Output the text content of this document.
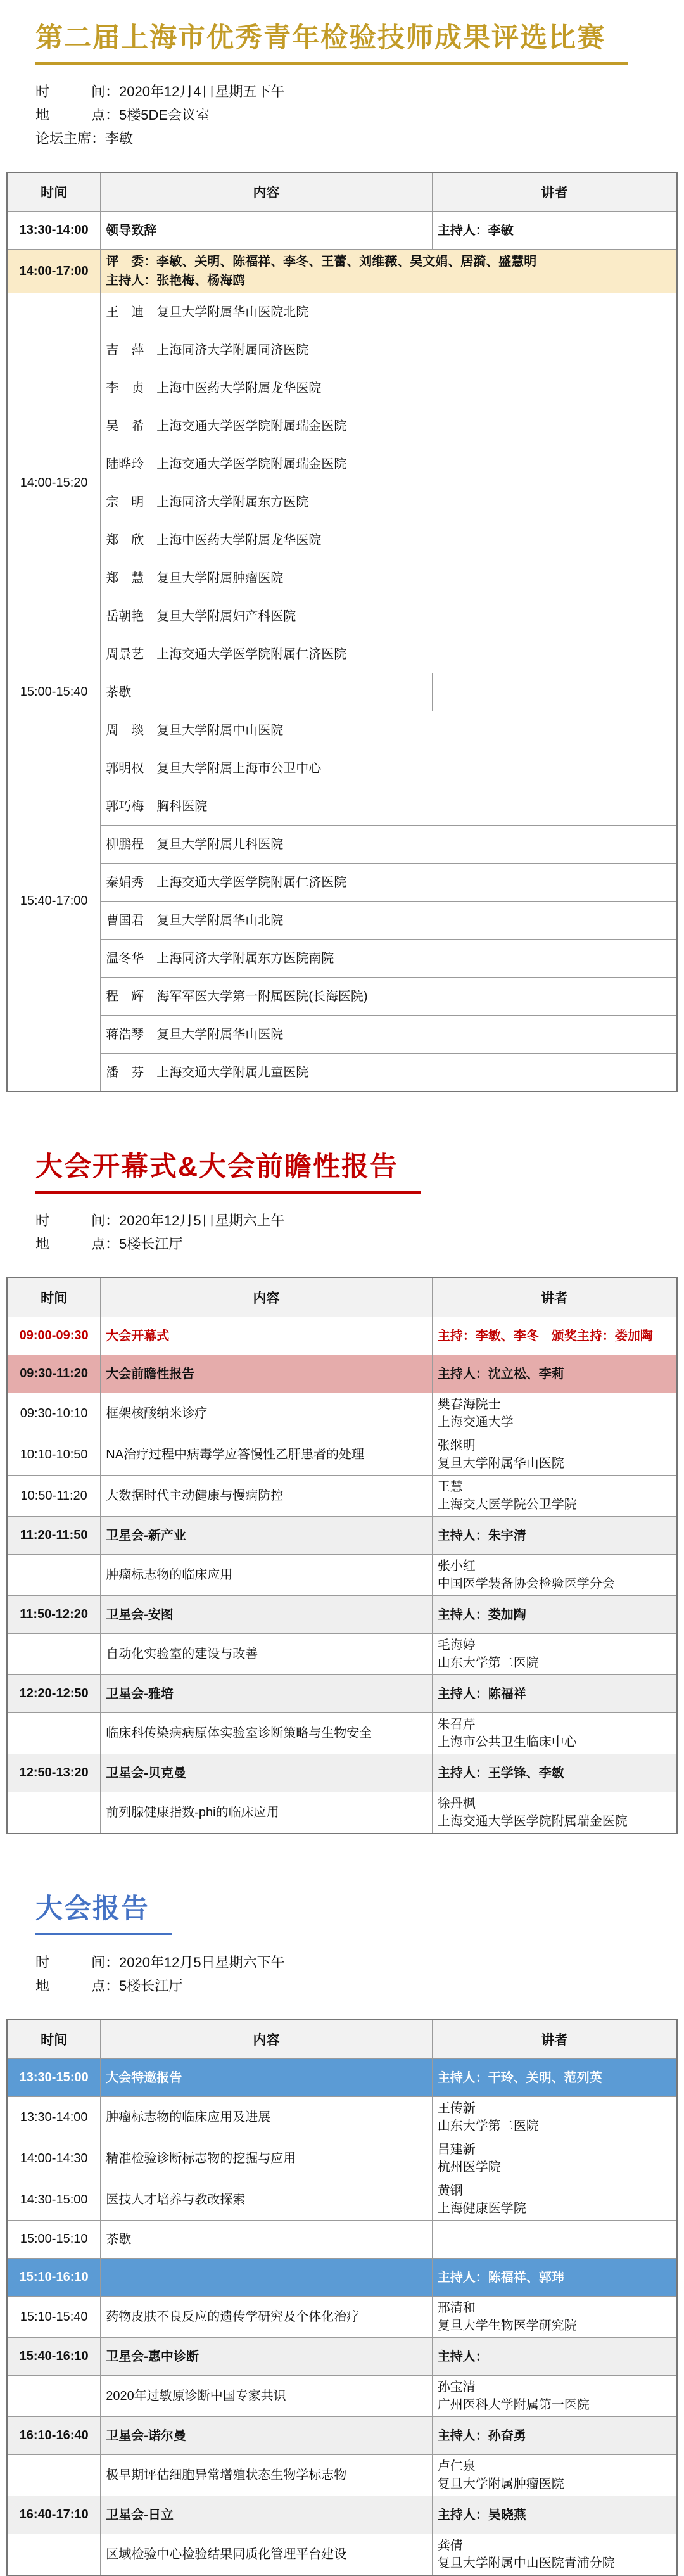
第二届上海市优秀青年检验技师成果评选比赛
时　　　间：2020年12月4日星期五下午
地　　　点：5楼5DE会议室
论坛主席：李敏
时间	内容	讲者
13:30-14:00	领导致辞	主持人：李敏

14:00-17:00	评　委：李敏、关明、陈福祥、李冬、王蕾、刘维薇、吴文娟、居漪、盛慧明
主持人：张艳梅、杨海鸥	

14:00-15:20	王　迪　复旦大学附属华山医院北院	

	吉　萍　上海同济大学附属同济医院	

	李　贞　上海中医药大学附属龙华医院	

	吴　希　上海交通大学医学院附属瑞金医院	

	陆晔玲　上海交通大学医学院附属瑞金医院	

	宗　明　上海同济大学附属东方医院	

	郑　欣　上海中医药大学附属龙华医院	

	郑　慧　复旦大学附属肿瘤医院	

	岳朝艳　复旦大学附属妇产科医院	

	周景艺　上海交通大学医学院附属仁济医院	

15:00-15:40	茶歇	

15:40-17:00	周　琰　复旦大学附属中山医院	

	郭明权　复旦大学附属上海市公卫中心	

	郭巧梅　胸科医院	

	柳鹏程　复旦大学附属儿科医院	

	秦娟秀　上海交通大学医学院附属仁济医院	

	曹国君　复旦大学附属华山北院	

	温冬华　上海同济大学附属东方医院南院	

	程　辉　海军军医大学第一附属医院(长海医院)	

	蒋浩琴　复旦大学附属华山医院	

	潘　芬　上海交通大学附属儿童医院	
大会开幕式&大会前瞻性报告
时　　　间：2020年12月5日星期六上午
地　　　点：5楼长江厅
时间	内容	讲者
09:00-09:30	大会开幕式	主持：李敏、李冬　颁奖主持：娄加陶

09:30-11:20	大会前瞻性报告	主持人：沈立松、李莉

09:30-10:10	框架核酸纳米诊疗	樊春海院士
上海交通大学

10:10-10:50	NA治疗过程中病毒学应答慢性乙肝患者的处理	张继明
复旦大学附属华山医院

10:50-11:20	大数据时代主动健康与慢病防控	王慧
上海交大医学院公卫学院

11:20-11:50	卫星会-新产业	主持人：朱宇清

	肿瘤标志物的临床应用	张小红
中国医学装备协会检验医学分会

11:50-12:20	卫星会-安图	主持人：娄加陶

	自动化实验室的建设与改善	毛海婷
山东大学第二医院

12:20-12:50	卫星会-雅培	主持人：陈福祥

	临床科传染病病原体实验室诊断策略与生物安全	朱召芹
上海市公共卫生临床中心

12:50-13:20	卫星会-贝克曼	主持人：王学锋、李敏

	前列腺健康指数-phi的临床应用	徐丹枫
上海交通大学医学院附属瑞金医院
大会报告
时　　　间：2020年12月5日星期六下午
地　　　点：5楼长江厅
时间	内容	讲者
13:30-15:00	大会特邀报告	主持人：干玲、关明、范列英

13:30-14:00	肿瘤标志物的临床应用及进展	王传新
山东大学第二医院

14:00-14:30	精准检验诊断标志物的挖掘与应用	吕建新
杭州医学院

14:30-15:00	医技人才培养与教改探索	黄钢
上海健康医学院

15:00-15:10	茶歇	

15:10-16:10		主持人：陈福祥、郭玮

15:10-15:40	药物皮肤不良反应的遗传学研究及个体化治疗	邢清和
复旦大学生物医学研究院

15:40-16:10	卫星会-惠中诊断	主持人：

	2020年过敏原诊断中国专家共识	孙宝清
广州医科大学附属第一医院

16:10-16:40	卫星会-诺尔曼	主持人：孙奋勇

	极早期评估细胞异常增殖状态生物学标志物	卢仁泉
复旦大学附属肿瘤医院

16:40-17:10	卫星会-日立	主持人：吴晓燕

	区域检验中心检验结果同质化管理平台建设	龚倩
复旦大学附属中山医院青浦分院
